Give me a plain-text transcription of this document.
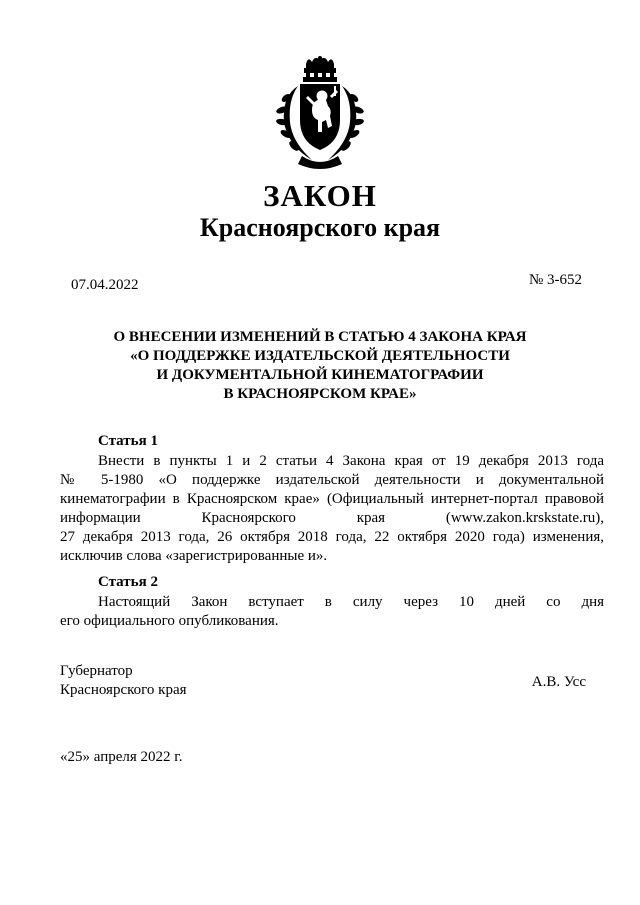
ЗАКОН
Красноярского края
07.04.2022	№ 3-652
О ВНЕСЕНИИ ИЗМЕНЕНИЙ В СТАТЬЮ 4 ЗАКОНА КРАЯ
«О ПОДДЕРЖКЕ ИЗДАТЕЛЬСКОЙ ДЕЯТЕЛЬНОСТИ
И ДОКУМЕНТАЛЬНОЙ КИНЕМАТОГРАФИИ
В КРАСНОЯРСКОМ КРАЕ»
Статья 1
Внести в пункты 1 и 2 статьи 4 Закона края от 19 декабря 2013 года
№ 5-1980 «О поддержке издательской деятельности и документальной
кинематографии в Красноярском крае» (Официальный интернет-портал правовой
информации Красноярского края (www.zakon.krskstate.ru),
27 декабря 2013 года, 26 октября 2018 года, 22 октября 2020 года) изменения,
исключив слова «зарегистрированные и».
Статья 2
Настоящий Закон вступает в силу через 10 дней со дня
его официального опубликования.
Губернатор
Красноярского края	А.В. Усс
«25» апреля 2022 г.
